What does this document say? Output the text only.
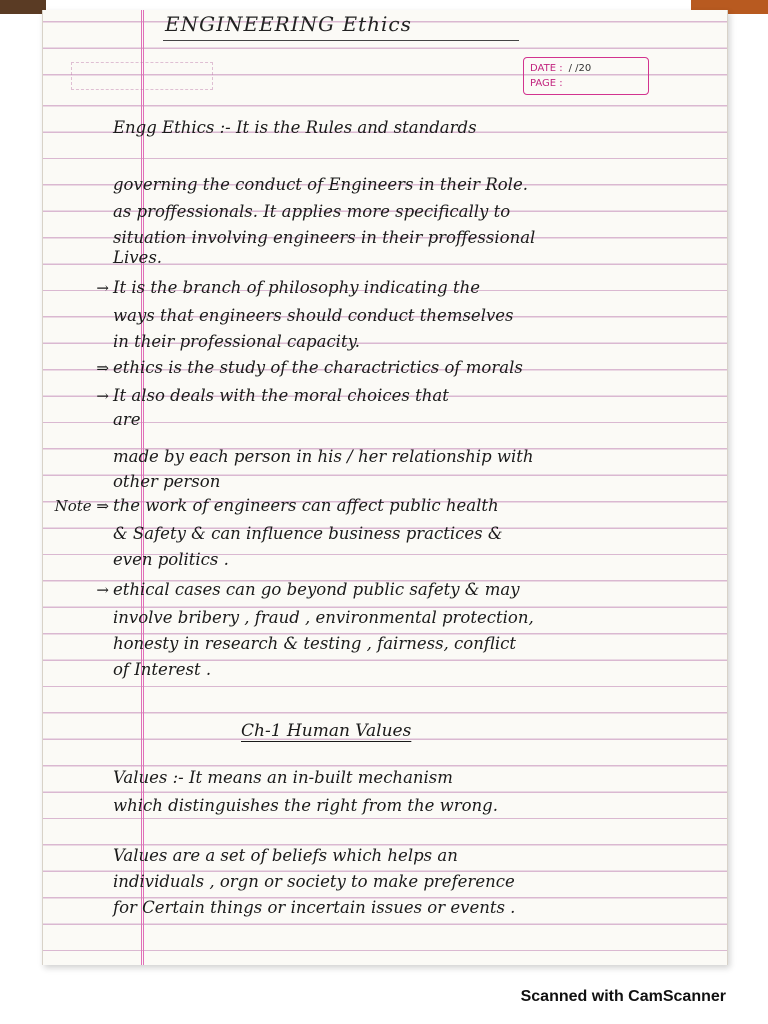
·
ENGINEERING Ethics
DATE : / /20
PAGE :
Engg Ethics :- It is the Rules and standards
governing the conduct of Engineers in their Role.
as proffessionals. It applies more specifically to
situation involving engineers in their proffessional
Lives.
→ It is the branch of philosophy indicating the
ways that engineers should conduct themselves
in their professional capacity.
⇒ ethics is the study of the charactrictics of morals
→ It also deals with the moral choices that
are
made by each person in his / her relationship with
other person
Note ⇒ the work of engineers can affect public health
& Safety & can influence business practices &
even politics .
→ ethical cases can go beyond public safety & may
involve bribery , fraud , environmental protection,
honesty in research & testing , fairness, conflict
of Interest .
Values :- It means an in-built mechanism
which distinguishes the right from the wrong.
Values are a set of beliefs which helps an
individuals , orgn or society to make preference
for Certain things or incertain issues or events .
Ch-1 Human Values
Scanned with CamScanner
